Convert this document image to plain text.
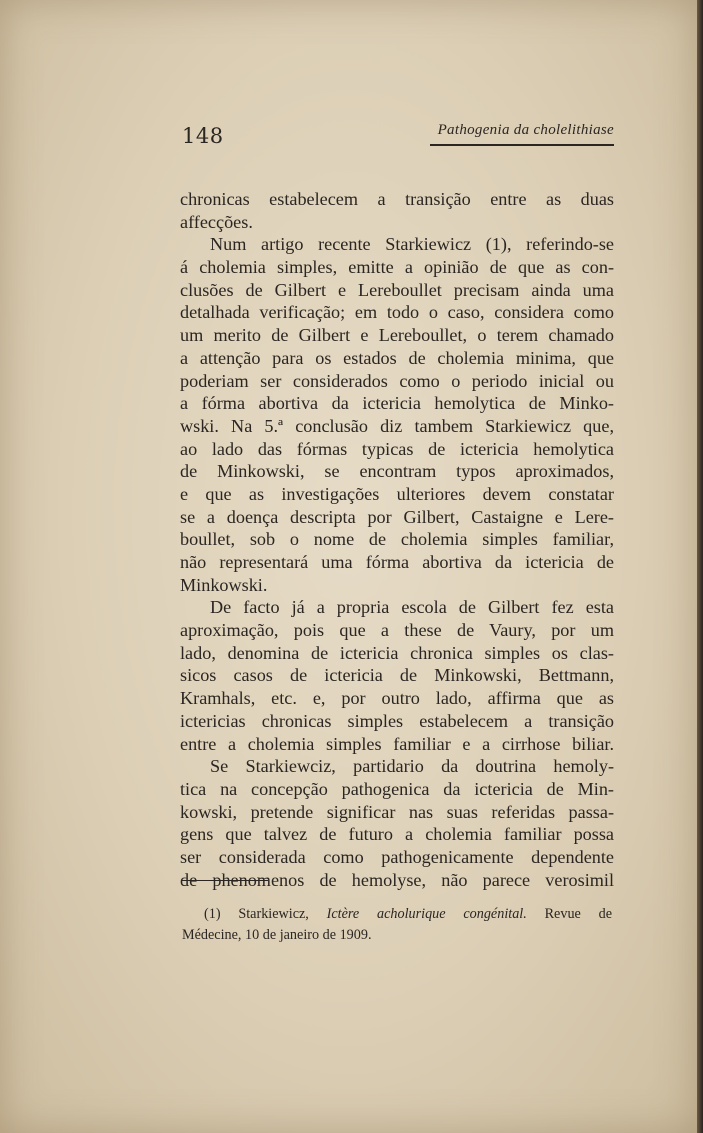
148	Pathogenia da cholelithiase
chronicas estabelecem a transição entre as duas
affecções.
Num artigo recente Starkiewicz (1), referindo-se
á cholemia simples, emitte a opinião de que as con-
clusões de Gilbert e Lereboullet precisam ainda uma
detalhada verificação; em todo o caso, considera como
um merito de Gilbert e Lereboullet, o terem chamado
a attenção para os estados de cholemia minima, que
poderiam ser considerados como o periodo inicial ou
a fórma abortiva da ictericia hemolytica de Minko-
wski. Na 5.ª conclusão diz tambem Starkiewicz que,
ao lado das fórmas typicas de ictericia hemolytica
de Minkowski, se encontram typos aproximados,
e que as investigações ulteriores devem constatar
se a doença descripta por Gilbert, Castaigne e Lere-
boullet, sob o nome de cholemia simples familiar,
não representará uma fórma abortiva da ictericia de
Minkowski.
De facto já a propria escola de Gilbert fez esta
aproximação, pois que a these de Vaury, por um
lado, denomina de ictericia chronica simples os clas-
sicos casos de ictericia de Minkowski, Bettmann,
Kramhals, etc. e, por outro lado, affirma que as
ictericias chronicas simples estabelecem a transição
entre a cholemia simples familiar e a cirrhose biliar.
Se Starkiewciz, partidario da doutrina hemoly-
tica na concepção pathogenica da ictericia de Min-
kowski, pretende significar nas suas referidas passa-
gens que talvez de futuro a cholemia familiar possa
ser considerada como pathogenicamente dependente
de phenomenos de hemolyse, não parece verosimil
(1) Starkiewicz, Ictère acholurique congénital. Revue de
Médecine, 10 de janeiro de 1909.
